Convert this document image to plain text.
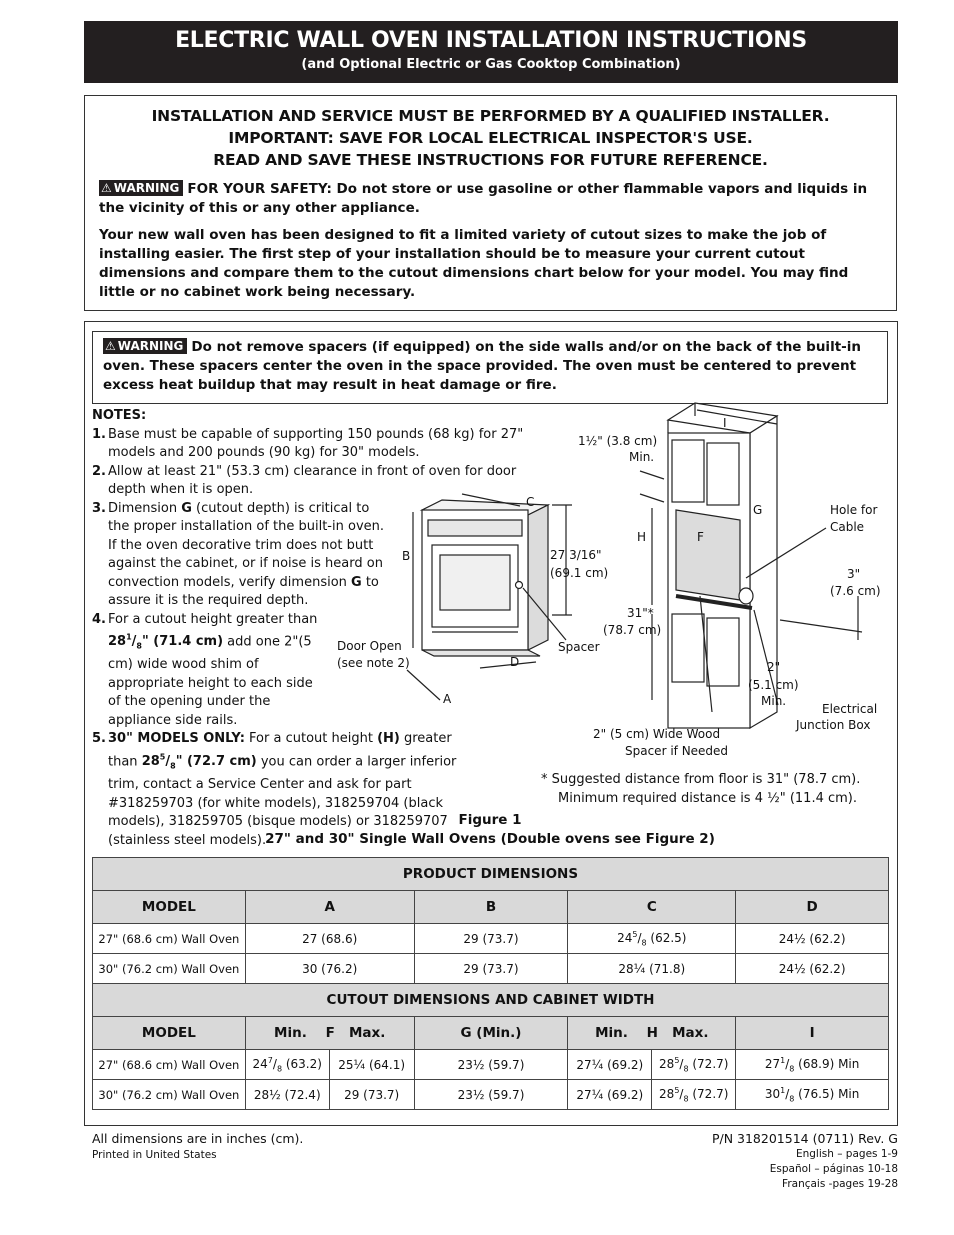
ELECTRIC WALL OVEN INSTALLATION INSTRUCTIONS
(and Optional Electric or Gas Cooktop Combination)
INSTALLATION AND SERVICE MUST BE PERFORMED BY A QUALIFIED INSTALLER.
IMPORTANT: SAVE FOR LOCAL ELECTRICAL INSPECTOR'S USE.
READ AND SAVE THESE INSTRUCTIONS FOR FUTURE REFERENCE.
⚠ WARNING FOR YOUR SAFETY: Do not store or use gasoline or other flammable vapors and liquids in the vicinity of this or any other appliance.
Your new wall oven has been designed to fit a limited variety of cutout sizes to make the job of installing easier. The first step of your installation should be to measure your current cutout dimensions and compare them to the cutout dimensions chart below for your model. You may find little or no cabinet work being necessary.
⚠ WARNING Do not remove spacers (if equipped) on the side walls and/or on the back of the built-in oven. These spacers center the oven in the space provided. The oven must be centered to prevent excess heat buildup that may result in heat damage or fire.
NOTES:
1. Base must be capable of supporting 150 pounds (68 kg) for 27" models and 200 pounds (90 kg) for 30" models.
2. Allow at least 21" (53.3 cm) clearance in front of oven for door depth when it is open.
3. Dimension G (cutout depth) is critical to the proper installation of the built-in oven. If the oven decorative trim does not butt against the cabinet, or if noise is heard on convection models, verify dimension G to assure it is the required depth.
4. For a cutout height greater than $28^1/_8$" (71.4 cm) add one 2"(5 cm) wide wood shim of appropriate height to each side of the opening under the appliance side rails.
5. 30" MODELS ONLY: For a cutout height (H) greater than $28^5/_8$" (72.7 cm) you can order a larger inferior trim, contact a Service Center and ask for part #318259703 (for white models), 318259704 (black models), 318259705 (bisque models) or 318259707 (stainless steel models).
B
C
D
A
27 3/16"
(69.1 cm)
Door Open
(see note 2)
Spacer
1½" (3.8 cm)
Min.
H	F
G
I
31"*
(78.7 cm)
Hole for
Cable
3"
(7.6 cm)
2"
(5.1 cm)
Min.
Electrical
Junction Box
2" (5 cm) Wide Wood
Spacer if Needed
* Suggested distance from floor is 31" (78.7 cm).
Minimum required distance is 4 ½" (11.4 cm).
Figure 1
27" and 30" Single Wall Ovens (Double ovens see Figure 2)
PRODUCT DIMENSIONS						
MODEL	A		B	C		D
27" (68.6 cm) Wall Oven	27 (68.6)		29 (73.7)	$24^5/_8$ (62.5)		24½ (62.2)
30" (76.2 cm) Wall Oven	30 (76.2)		29 (73.7)	28¼ (71.8)		24½ (62.2)
CUTOUT DIMENSIONS AND CABINET WIDTH						
MODEL	Min.    F   Max.		G (Min.)	Min.    H   Max.		I
27" (68.6 cm) Wall Oven	$24^7/_8$ (63.2)	25¼ (64.1)	23½ (59.7)	27¼ (69.2)	$28^5/_8$ (72.7)	$27^1/_8$ (68.9) Min
30" (76.2 cm) Wall Oven	28½ (72.4)	29 (73.7)	23½ (59.7)	27¼ (69.2)	$28^5/_8$ (72.7)	$30^1/_8$ (76.5) Min
All dimensions are in inches (cm).
Printed in United States
P/N 318201514 (0711) Rev. G
English – pages 1-9
Español – páginas 10-18
Français -pages 19-28
